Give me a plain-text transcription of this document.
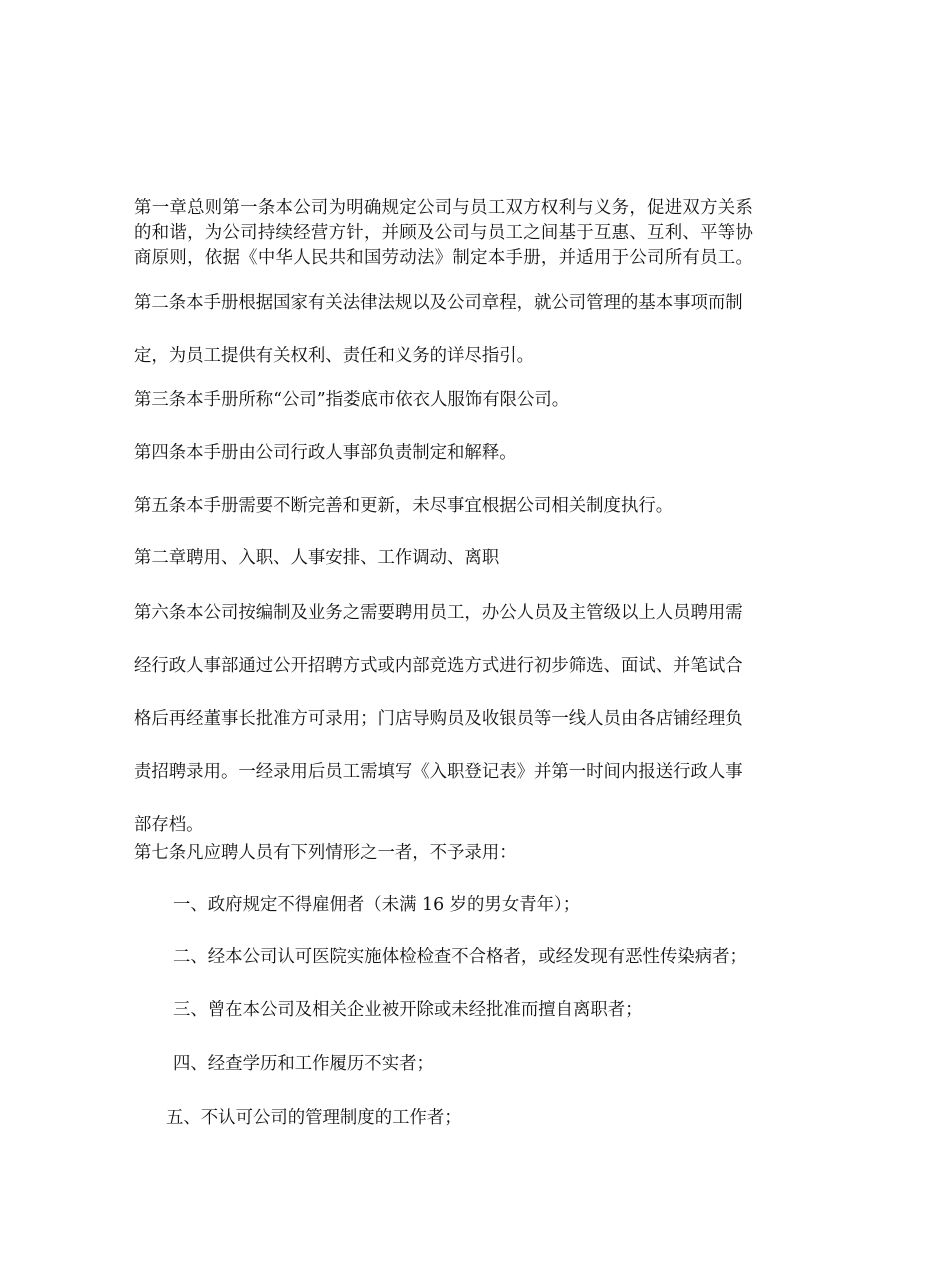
第一章总则第一条本公司为明确规定公司与员工双方权利与义务，促进双方关系
的和谐，为公司持续经营方针，并顾及公司与员工之间基于互惠、互利、平等协
商原则，依据《中华人民共和国劳动法》制定本手册，并适用于公司所有员工。
第二条本手册根据国家有关法律法规以及公司章程，就公司管理的基本事项而制
定，为员工提供有关权利、责任和义务的详尽指引。
第三条本手册所称“公司”指娄底市依衣人服饰有限公司。
第四条本手册由公司行政人事部负责制定和解释。
第五条本手册需要不断完善和更新，未尽事宜根据公司相关制度执行。
第二章聘用、入职、人事安排、工作调动、离职
第六条本公司按编制及业务之需要聘用员工，办公人员及主管级以上人员聘用需
经行政人事部通过公开招聘方式或内部竞选方式进行初步筛选、面试、并笔试合
格后再经董事长批准方可录用；门店导购员及收银员等一线人员由各店铺经理负
责招聘录用。一经录用后员工需填写《入职登记表》并第一时间内报送行政人事
部存档。
第七条凡应聘人员有下列情形之一者，不予录用：
一、政府规定不得雇佣者（未满 16 岁的男女青年）；
二、经本公司认可医院实施体检检查不合格者，或经发现有恶性传染病者；
三、曾在本公司及相关企业被开除或未经批准而擅自离职者；
四、经查学历和工作履历不实者；
五、不认可公司的管理制度的工作者；
